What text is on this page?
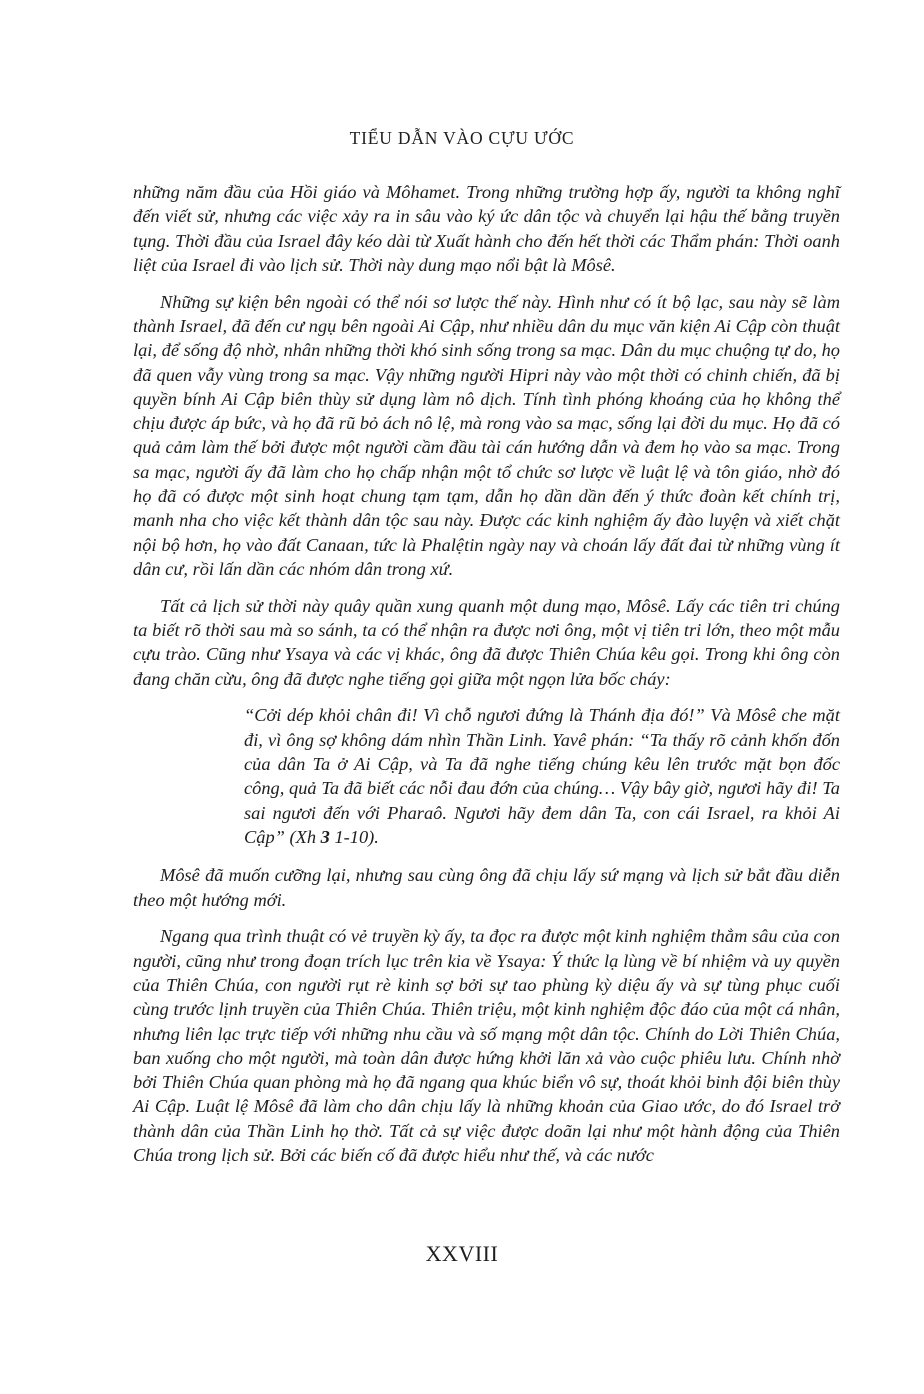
TIỂU DẪN VÀO CỰU ƯỚC

những năm đầu của Hồi giáo và Môhamet. Trong những trường hợp ấy, người ta không nghĩ đến viết sử, nhưng các việc xảy ra in sâu vào ký ức dân tộc và chuyển lại hậu thế bằng truyền tụng. Thời đầu của Israel đây kéo dài từ Xuất hành cho đến hết thời các Thẩm phán: Thời oanh liệt của Israel đi vào lịch sử. Thời này dung mạo nổi bật là Môsê.

Những sự kiện bên ngoài có thể nói sơ lược thế này. Hình như có ít bộ lạc, sau này sẽ làm thành Israel, đã đến cư ngụ bên ngoài Ai Cập, như nhiều dân du mục văn kiện Ai Cập còn thuật lại, để sống độ nhờ, nhân những thời khó sinh sống trong sa mạc. Dân du mục chuộng tự do, họ đã quen vẫy vùng trong sa mạc. Vậy những người Hipri này vào một thời có chinh chiến, đã bị quyền bính Ai Cập biên thùy sử dụng làm nô dịch. Tính tình phóng khoáng của họ không thể chịu được áp bức, và họ đã rũ bỏ ách nô lệ, mà rong vào sa mạc, sống lại đời du mục. Họ đã có quả cảm làm thế bởi được một người cầm đầu tài cán hướng dẫn và đem họ vào sa mạc. Trong sa mạc, người ấy đã làm cho họ chấp nhận một tổ chức sơ lược về luật lệ và tôn giáo, nhờ đó họ đã có được một sinh hoạt chung tạm tạm, dẫn họ dần dần đến ý thức đoàn kết chính trị, manh nha cho việc kết thành dân tộc sau này. Được các kinh nghiệm ấy đào luyện và xiết chặt nội bộ hơn, họ vào đất Canaan, tức là Phalệtin ngày nay và choán lấy đất đai từ những vùng ít dân cư, rồi lấn dần các nhóm dân trong xứ.

Tất cả lịch sử thời này quây quần xung quanh một dung mạo, Môsê. Lấy các tiên tri chúng ta biết rõ thời sau mà so sánh, ta có thể nhận ra được nơi ông, một vị tiên tri lớn, theo một mẫu cựu trào. Cũng như Ysaya và các vị khác, ông đã được Thiên Chúa kêu gọi. Trong khi ông còn đang chăn cừu, ông đã được nghe tiếng gọi giữa một ngọn lửa bốc cháy:

“Cởi dép khỏi chân đi! Vì chỗ ngươi đứng là Thánh địa đó!” Và Môsê che mặt đi, vì ông sợ không dám nhìn Thần Linh. Yavê phán: “Ta thấy rõ cảnh khốn đốn của dân Ta ở Ai Cập, và Ta đã nghe tiếng chúng kêu lên trước mặt bọn đốc công, quả Ta đã biết các nỗi đau đớn của chúng… Vậy bây giờ, ngươi hãy đi! Ta sai ngươi đến với Pharaô. Ngươi hãy đem dân Ta, con cái Israel, ra khỏi Ai Cập” (Xh 3 1-10).

Môsê đã muốn cưỡng lại, nhưng sau cùng ông đã chịu lấy sứ mạng và lịch sử bắt đầu diễn theo một hướng mới.

Ngang qua trình thuật có vẻ truyền kỳ ấy, ta đọc ra được một kinh nghiệm thẳm sâu của con người, cũng như trong đoạn trích lục trên kia về Ysaya: Ý thức lạ lùng về bí nhiệm và uy quyền của Thiên Chúa, con người rụt rè kinh sợ bởi sự tao phùng kỳ diệu ấy và sự tùng phục cuối cùng trước lịnh truyền của Thiên Chúa. Thiên triệu, một kinh nghiệm độc đáo của một cá nhân, nhưng liên lạc trực tiếp với những nhu cầu và số mạng một dân tộc. Chính do Lời Thiên Chúa, ban xuống cho một người, mà toàn dân được hứng khởi lăn xả vào cuộc phiêu lưu. Chính nhờ bởi Thiên Chúa quan phòng mà họ đã ngang qua khúc biển vô sự, thoát khỏi binh đội biên thùy Ai Cập. Luật lệ Môsê đã làm cho dân chịu lấy là những khoản của Giao ước, do đó Israel trở thành dân của Thần Linh họ thờ. Tất cả sự việc được doãn lại như một hành động của Thiên Chúa trong lịch sử. Bởi các biến cố đã được hiểu như thế, và các nước

XXVIII
